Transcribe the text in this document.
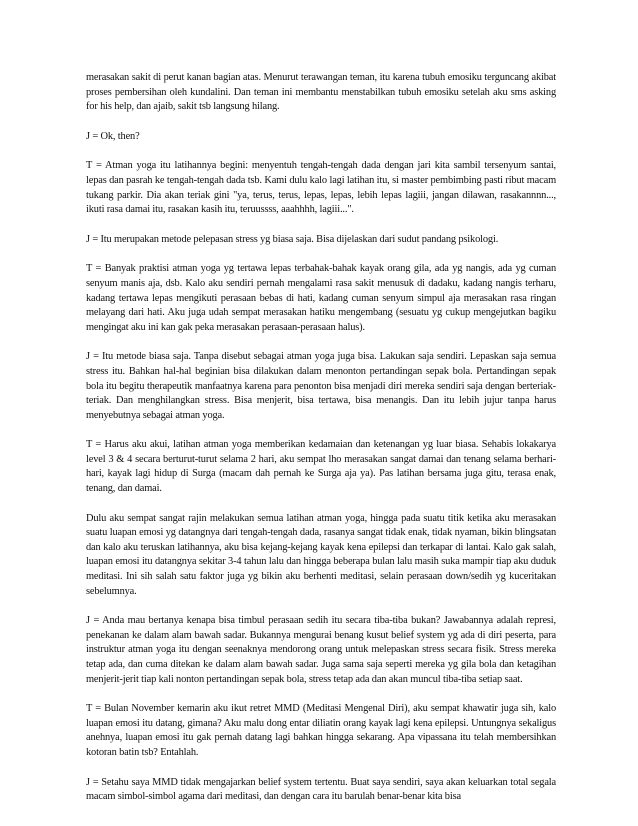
merasakan sakit di perut kanan bagian atas. Menurut terawangan teman, itu karena tubuh emosiku terguncang akibat proses pembersihan oleh kundalini. Dan teman ini membantu menstabilkan tubuh emosiku setelah aku sms asking for his help, dan ajaib, sakit tsb langsung hilang.

J = Ok, then?

T = Atman yoga itu latihannya begini: menyentuh tengah-tengah dada dengan jari kita sambil tersenyum santai, lepas dan pasrah ke tengah-tengah dada tsb. Kami dulu kalo lagi latihan itu, si master pembimbing pasti ribut macam tukang parkir. Dia akan teriak gini "ya, terus, terus, lepas, lepas, lebih lepas lagiii, jangan dilawan, rasakannnn..., ikuti rasa damai itu, rasakan kasih itu, teruussss, aaahhhh, lagiii...".

J = Itu merupakan metode pelepasan stress yg biasa saja. Bisa dijelaskan dari sudut pandang psikologi.

T = Banyak praktisi atman yoga yg tertawa lepas terbahak-bahak kayak orang gila, ada yg nangis, ada yg cuman senyum manis aja, dsb. Kalo aku sendiri pernah mengalami rasa sakit menusuk di dadaku, kadang nangis terharu, kadang tertawa lepas mengikuti perasaan bebas di hati, kadang cuman senyum simpul aja merasakan rasa ringan melayang dari hati. Aku juga udah sempat merasakan hatiku mengembang (sesuatu yg cukup mengejutkan bagiku mengingat aku ini kan gak peka merasakan perasaan-perasaan halus).

J = Itu metode biasa saja. Tanpa disebut sebagai atman yoga juga bisa. Lakukan saja sendiri. Lepaskan saja semua stress itu. Bahkan hal-hal beginian bisa dilakukan dalam menonton pertandingan sepak bola. Pertandingan sepak bola itu begitu therapeutik manfaatnya karena para penonton bisa menjadi diri mereka sendiri saja dengan berteriak-teriak. Dan menghilangkan stress. Bisa menjerit, bisa tertawa, bisa menangis. Dan itu lebih jujur tanpa harus menyebutnya sebagai atman yoga.

T = Harus aku akui, latihan atman yoga memberikan kedamaian dan ketenangan yg luar biasa. Sehabis lokakarya level 3 & 4 secara berturut-turut selama 2 hari, aku sempat lho merasakan sangat damai dan tenang selama berhari-hari, kayak lagi hidup di Surga (macam dah pernah ke Surga aja ya). Pas latihan bersama juga gitu, terasa enak, tenang, dan damai.

Dulu aku sempat sangat rajin melakukan semua latihan atman yoga, hingga pada suatu titik ketika aku merasakan suatu luapan emosi yg datangnya dari tengah-tengah dada, rasanya sangat tidak enak, tidak nyaman, bikin blingsatan dan kalo aku teruskan latihannya, aku bisa kejang-kejang kayak kena epilepsi dan terkapar di lantai. Kalo gak salah, luapan emosi itu datangnya sekitar 3-4 tahun lalu dan hingga beberapa bulan lalu masih suka mampir tiap aku duduk meditasi. Ini sih salah satu faktor juga yg bikin aku berhenti meditasi, selain perasaan down/sedih yg kuceritakan sebelumnya.

J = Anda mau bertanya kenapa bisa timbul perasaan sedih itu secara tiba-tiba bukan? Jawabannya adalah represi, penekanan ke dalam alam bawah sadar. Bukannya mengurai benang kusut belief system yg ada di diri peserta, para instruktur atman yoga itu dengan seenaknya mendorong orang untuk melepaskan stress secara fisik. Stress mereka tetap ada, dan cuma ditekan ke dalam alam bawah sadar. Juga sama saja seperti mereka yg gila bola dan ketagihan menjerit-jerit tiap kali nonton pertandingan sepak bola, stress tetap ada dan akan muncul tiba-tiba setiap saat.

T = Bulan November kemarin aku ikut retret MMD (Meditasi Mengenal Diri), aku sempat khawatir juga sih, kalo luapan emosi itu datang, gimana? Aku malu dong entar diliatin orang kayak lagi kena epilepsi. Untungnya sekaligus anehnya, luapan emosi itu gak pernah datang lagi bahkan hingga sekarang. Apa vipassana itu telah membersihkan kotoran batin tsb? Entahlah.

J = Setahu saya MMD tidak mengajarkan belief system tertentu. Buat saya sendiri, saya akan keluarkan total segala macam simbol-simbol agama dari meditasi, dan dengan cara itu barulah benar-benar kita bisa
